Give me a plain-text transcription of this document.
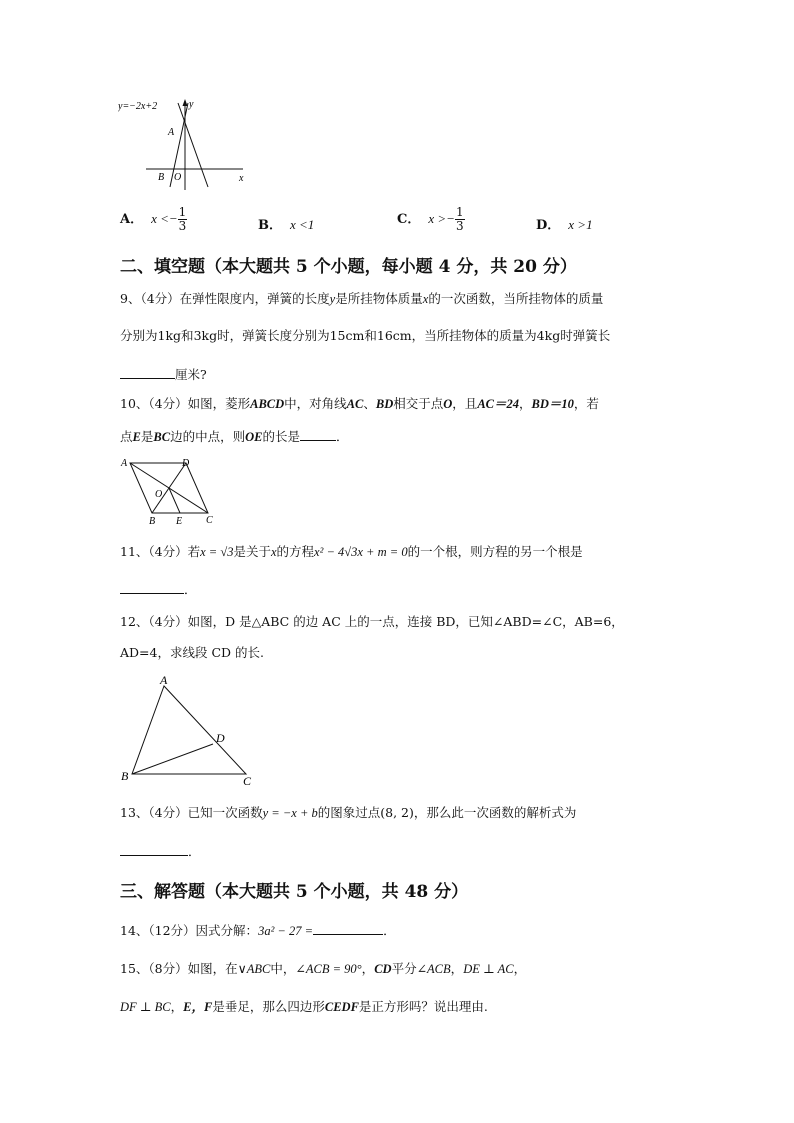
y=−2x+2	y
x
A
B O
A． $x <- \frac{1}{3}$	B． x <1	C． $x >- \frac{1}{3}$	D． x >1
二、填空题（本大题共 5 个小题，每小题 4 分，共 20 分）
9、（4分）在弹性限度内，弹簧的长度y是所挂物体质量x的一次函数，当所挂物体的质量
分别为1kg和3kg时，弹簧长度分别为15cm和16cm，当所挂物体的质量为4kg时弹簧长
厘米?
10、（4分）如图，菱形ABCD中，对角线AC、BD相交于点O，且AC＝24，BD＝10，若
点E是BC边的中点，则OE的长是	．
A	D
B E C
O
11、（4分）若x = √3是关于x的方程x² − 4√3x + m = 0的一个根，则方程的另一个根是
．
12、（4分）如图，D 是△ABC 的边 AC 上的一点，连接 BD，已知∠ABD=∠C，AB=6，
AD=4，求线段 CD 的长.
A
B	C
D
13、（4分）已知一次函数y = −x + b的图象过点(8, 2)，那么此一次函数的解析式为
．
三、解答题（本大题共 5 个小题，共 48 分）
14、（12分）因式分解：3a² − 27 =	．
15、（8分）如图，在∨ABC中，∠ACB = 90°，CD平分∠ACB，DE ⊥ AC，
DF ⊥ BC，E，F是垂足，那么四边形CEDF是正方形吗？说出理由.
